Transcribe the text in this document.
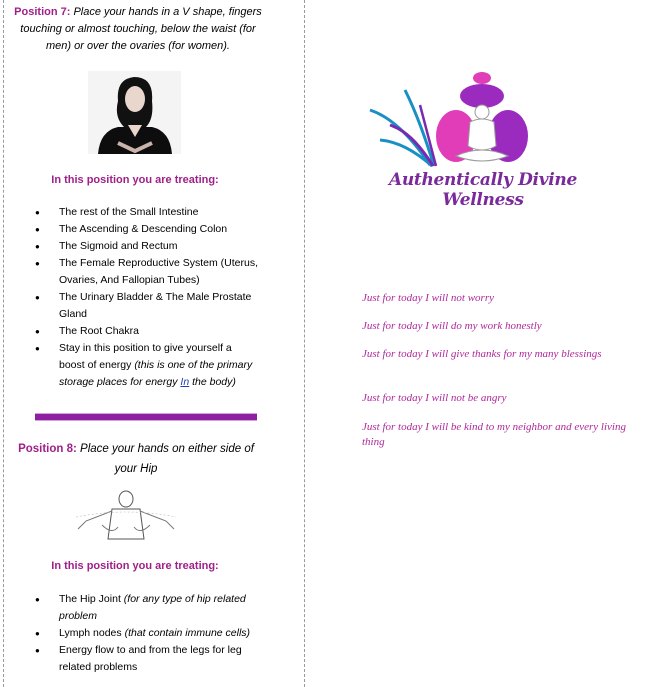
Position 7: Place your hands in a V shape, fingers touching or almost touching, below the waist (for men) or over the ovaries (for women).
In this position you are treating:
● The rest of the Small Intestine
● The Ascending & Descending Colon
● The Sigmoid and Rectum
● The Female Reproductive System (Uterus, Ovaries, And Fallopian Tubes)
● The Urinary Bladder & The Male Prostate Gland
● The Root Chakra
● Stay in this position to give yourself a boost of energy (this is one of the primary storage places for energy In the body)
Position 8: Place your hands on either side of your Hip
In this position you are treating:
● The Hip Joint (for any type of hip related problem
● Lymph nodes (that contain immune cells)
● Energy flow to and from the legs for leg related problems
Authentically Divine Wellness
Just for today I will not worry
Just for today I will do my work honestly
Just for today I will give thanks for my many blessings
Just for today I will not be angry
Just for today I will be kind to my neighbor and every living thing
